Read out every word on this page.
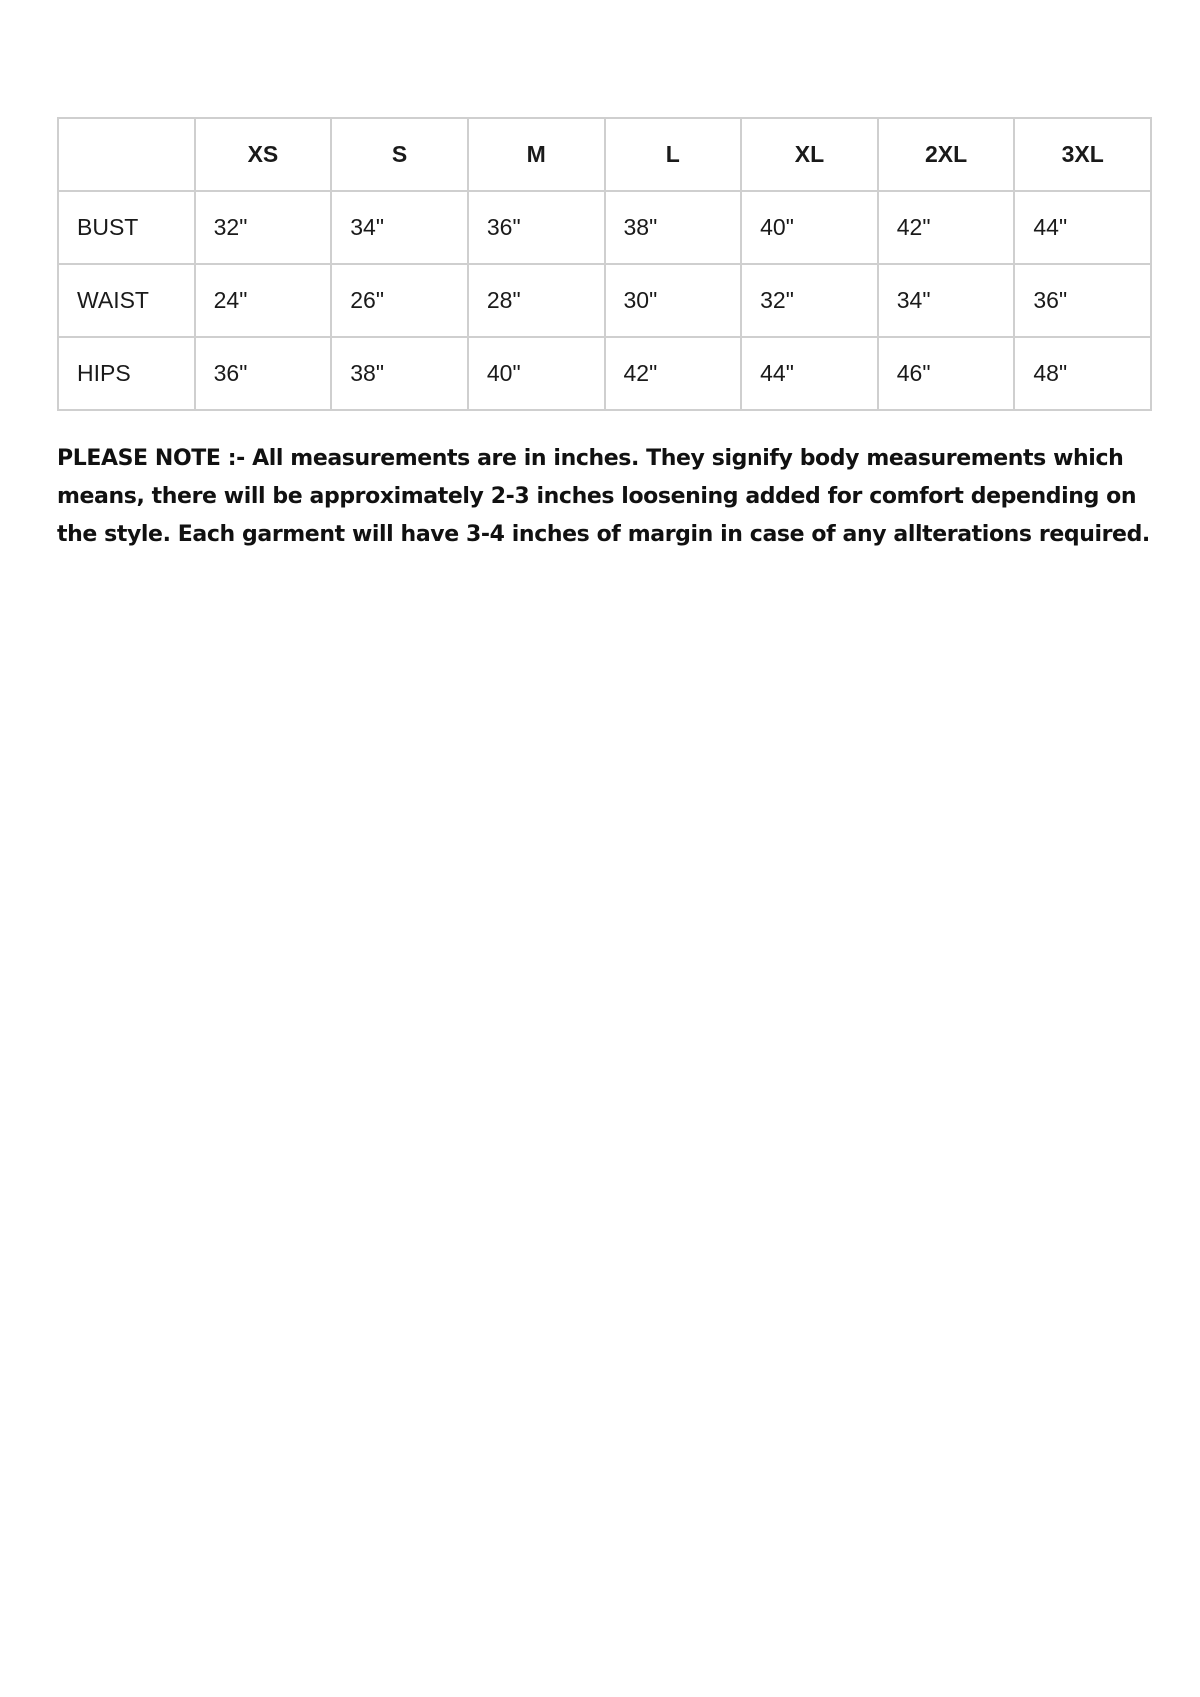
	XS	S	M	L	XL	2XL	3XL
BUST	32"	34"	36"	38"	40"	42"	44"
WAIST	24"	26"	28"	30"	32"	34"	36"
HIPS	36"	38"	40"	42"	44"	46"	48"

PLEASE NOTE :- All measurements are in inches. They signify body measurements which means, there will be approximately 2-3 inches loosening added for comfort depending on the style. Each garment will have 3-4 inches of margin in case of any allterations required.
